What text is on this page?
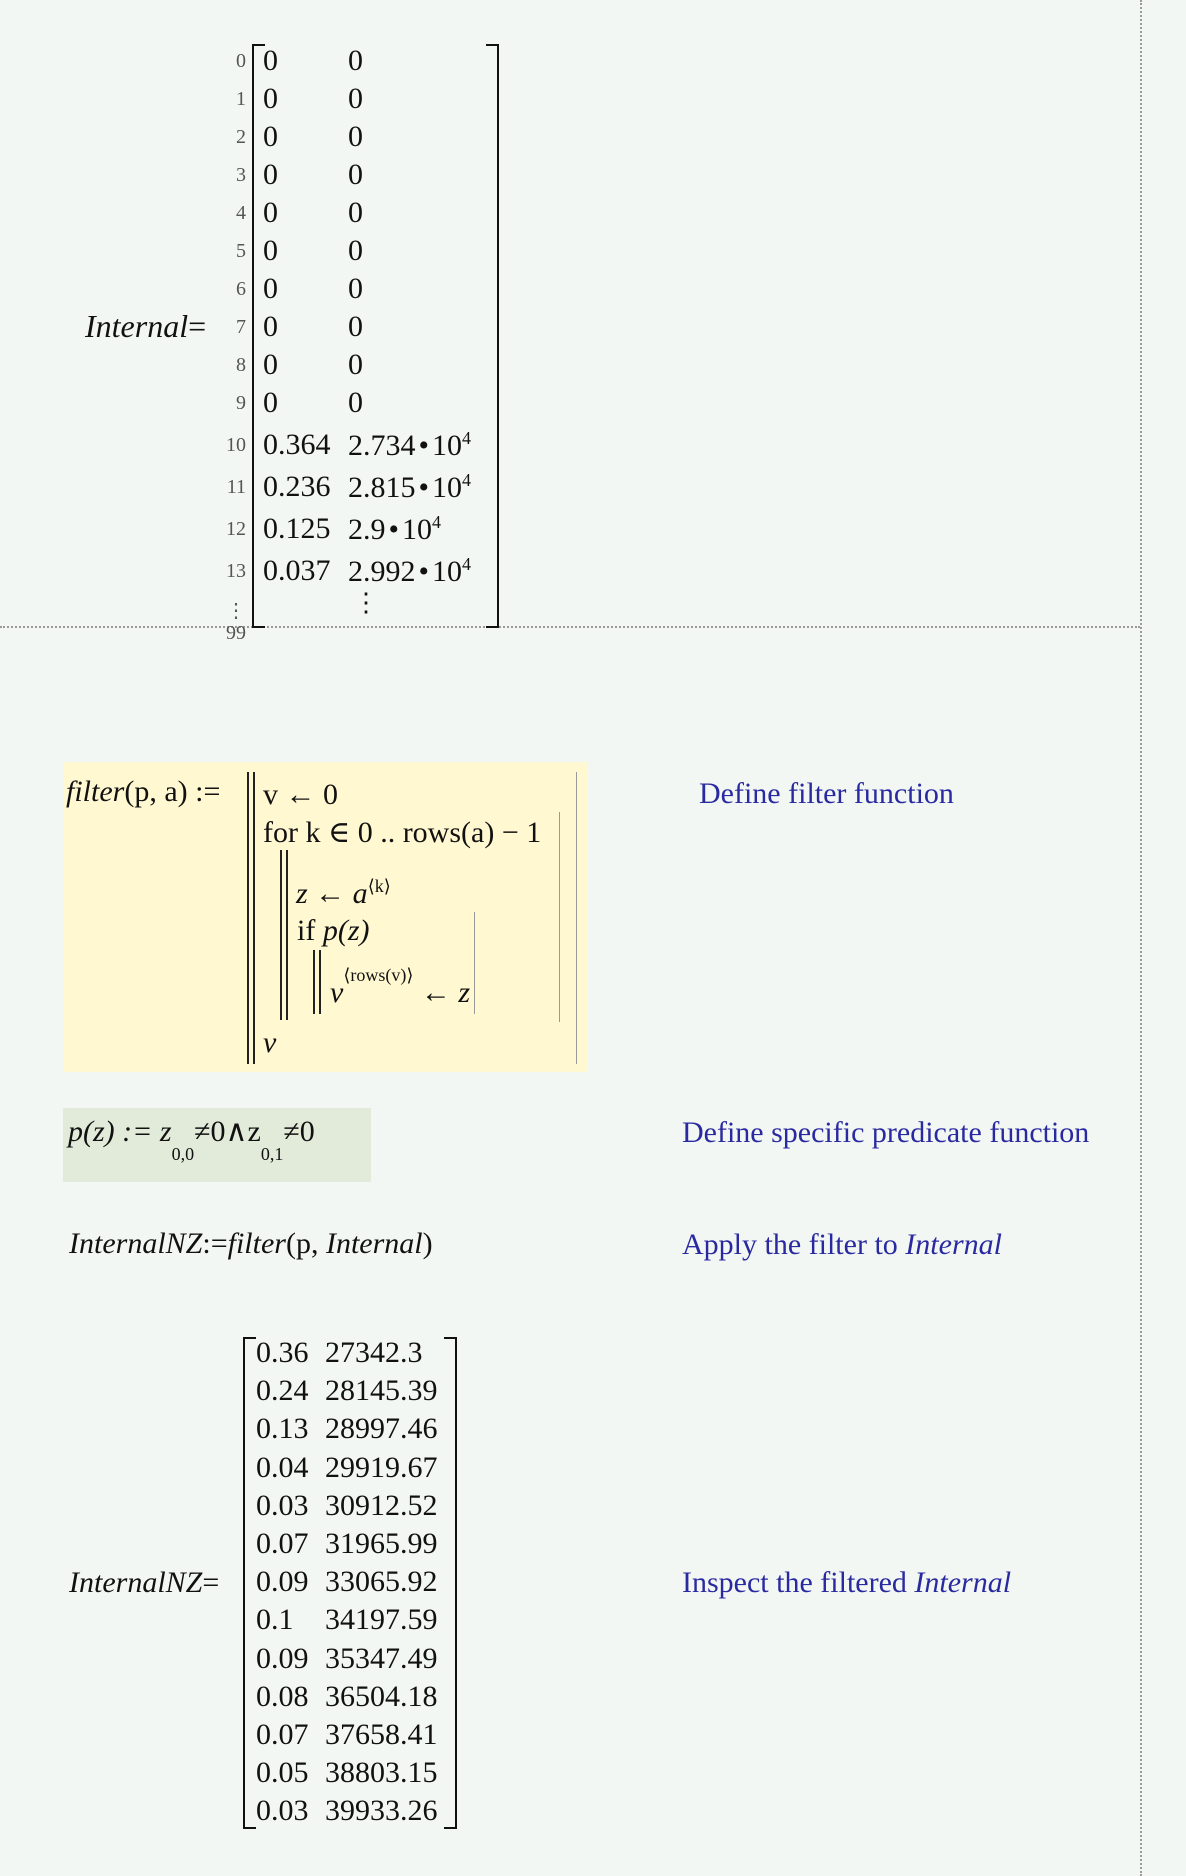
Internal=
0
1
2
3
4
5
6
7
8
9
10
11
12
13
⋮
99
0
0
0
0
0
0
0
0
0
0
0.364
0.236
0.125
0.037
0
0
0
0
0
0
0
0
0
0
2.734 • $10^4$
2.815 • $10^4$
2.9 • $10^4$
2.992 • $10^4$
⋮
filter(p, a) := v ← 0
for k ∈ 0 .. rows(a) − 1
z ← $a^{⟨k⟩}$
if p(z)
$v^{⟨rows(v)⟩}$ ← z
v
Define filter function
p(z) := $z_{0,0}\ne 0\wedge z_{0,1}\ne 0$	Define specific predicate function
InternalNZ:=filter(p, Internal)	Apply the filter to Internal
InternalNZ=
0.36 27342.3
0.24 28145.39
0.13 28997.46
0.04 29919.67
0.03 30912.52
0.07 31965.99
0.09 33065.92
0.1 34197.59
0.09 35347.49
0.08 36504.18
0.07 37658.41
0.05 38803.15
0.03 39933.26
Inspect the filtered Internal
